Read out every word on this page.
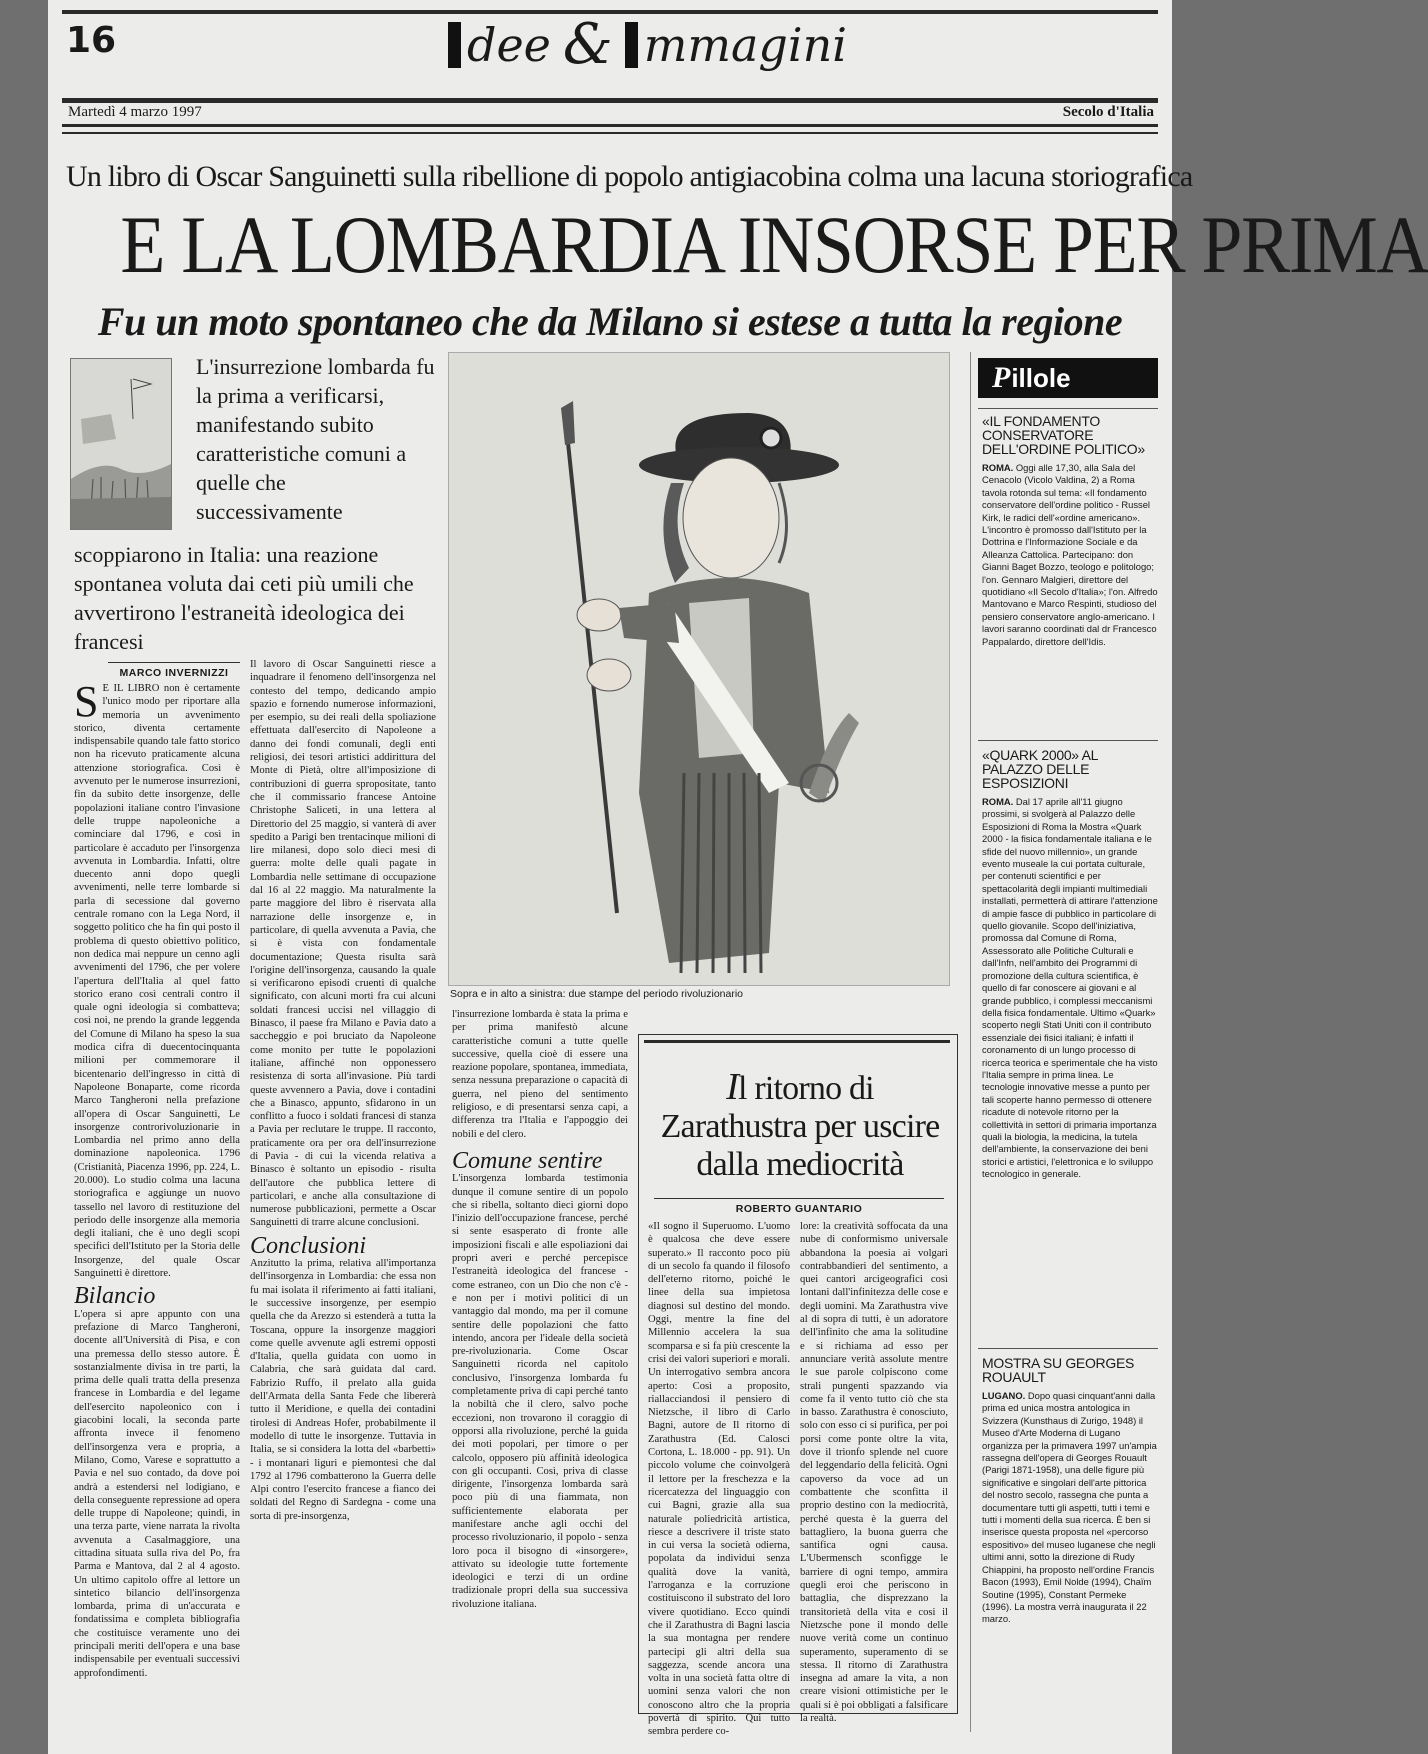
16	dee & mmagini
Martedì 4 marzo 1997	Secolo d'Italia
Un libro di Oscar Sanguinetti sulla ribellione di popolo antigiacobina colma una lacuna storiografica
E LA LOMBARDIA INSORSE PER PRIMA
Fu un moto spontaneo che da Milano si estese a tutta la regione
L'insurrezione lombarda fu la prima a verificarsi, manifestando subito caratteristiche comuni a quelle che successivamente
scoppiarono in Italia: una reazione spontanea voluta dai ceti più umili che avvertirono l'estraneità ideologica dei francesi
MARCO INVERNIZZI
S E IL LIBRO non è certamente l'unico modo per riportare alla memoria un avvenimento storico, diventa certamente indispensabile quando tale fatto storico non ha ricevuto praticamente alcuna attenzione storiografica. Così è avvenuto per le numerose insurrezioni, fin da subito dette insorgenze, delle popolazioni italiane contro l'invasione delle truppe napoleoniche a cominciare dal 1796, e così in particolare è accaduto per l'insorgenza avvenuta in Lombardia. Infatti, oltre duecento anni dopo quegli avvenimenti, nelle terre lombarde si parla di secessione dal governo centrale romano con la Lega Nord, il soggetto politico che ha fin qui posto il problema di questo obiettivo politico, non dedica mai neppure un cenno agli avvenimenti del 1796, che per volere l'apertura dell'Italia al quel fatto storico erano così centrali contro il quale ogni ideologia si combatteva; così noi, ne prendo la grande leggenda del Comune di Milano ha speso la sua modica cifra di duecentocinquanta milioni per commemorare il bicentenario dell'ingresso in città di Napoleone Bonaparte, come ricorda Marco Tangheroni nella prefazione all'opera di Oscar Sanguinetti, Le insorgenze controrivoluzionarie in Lombardia nel primo anno della dominazione napoleonica. 1796 (Cristianità, Piacenza 1996, pp. 224, L. 20.000). Lo studio colma una lacuna storiografica e aggiunge un nuovo tassello nel lavoro di restituzione del periodo delle insorgenze alla memoria degli italiani, che è uno degli scopi specifici dell'Istituto per la Storia delle Insorgenze, del quale Oscar Sanguinetti è direttore.
Bilancio
L'opera si apre appunto con una prefazione di Marco Tangheroni, docente all'Università di Pisa, e con una premessa dello stesso autore. È sostanzialmente divisa in tre parti, la prima delle quali tratta della presenza francese in Lombardia e del legame dell'esercito napoleonico con i giacobini locali, la seconda parte affronta invece il fenomeno dell'insorgenza vera e propria, a Milano, Como, Varese e soprattutto a Pavia e nel suo contado, da dove poi andrà a estendersi nel lodigiano, e della conseguente repressione ad opera delle truppe di Napoleone; quindi, in una terza parte, viene narrata la rivolta avvenuta a Casalmaggiore, una cittadina situata sulla riva del Po, fra Parma e Mantova, dal 2 al 4 agosto. Un ultimo capitolo offre al lettore un sintetico bilancio dell'insorgenza lombarda, prima di un'accurata e fondatissima e completa bibliografia che costituisce veramente uno dei principali meriti dell'opera e una base indispensabile per eventuali successivi approfondimenti.
Il lavoro di Oscar Sanguinetti riesce a inquadrare il fenomeno dell'insorgenza nel contesto del tempo, dedicando ampio spazio e fornendo numerose informazioni, per esempio, su dei reali della spoliazione effettuata dall'esercito di Napoleone a danno dei fondi comunali, degli enti religiosi, dei tesori artistici addirittura del Monte di Pietà, oltre all'imposizione di contribuzioni di guerra spropositate, tanto che il commissario francese Antoine Christophe Saliceti, in una lettera al Direttorio del 25 maggio, si vanterà di aver spedito a Parigi ben trentacinque milioni di lire milanesi, dopo solo dieci mesi di guerra: molte delle quali pagate in Lombardia nelle settimane di occupazione dal 16 al 22 maggio. Ma naturalmente la parte maggiore del libro è riservata alla narrazione delle insorgenze e, in particolare, di quella avvenuta a Pavia, che si è vista con fondamentale documentazione; Questa risulta sarà l'origine dell'insorgenza, causando la quale si verificarono episodi cruenti di qualche significato, con alcuni morti fra cui alcuni soldati francesi uccisi nel villaggio di Binasco, il paese fra Milano e Pavia dato a saccheggio e poi bruciato da Napoleone come monito per tutte le popolazioni italiane, affinché non opponessero resistenza di sorta all'invasione. Più tardi queste avvennero a Pavia, dove i contadini che a Binasco, appunto, sfidarono in un conflitto a fuoco i soldati francesi di stanza a Pavia per reclutare le truppe. Il racconto, praticamente ora per ora dell'insurrezione di Pavia - di cui la vicenda relativa a Binasco è soltanto un episodio - risulta dell'autore che pubblica lettere di particolari, e anche alla consultazione di numerose pubblicazioni, permette a Oscar Sanguinetti di trarre alcune conclusioni.
Conclusioni
Anzitutto la prima, relativa all'importanza dell'insorgenza in Lombardia: che essa non fu mai isolata il riferimento ai fatti italiani, le successive insorgenze, per esempio quella che da Arezzo si estenderà a tutta la Toscana, oppure la insorgenze maggiori come quelle avvenute agli estremi opposti d'Italia, quella guidata con uomo in Calabria, che sarà guidata dal card. Fabrizio Ruffo, il prelato alla guida dell'Armata della Santa Fede che libererà tutto il Meridione, e quella dei contadini tirolesi di Andreas Hofer, probabilmente il modello di tutte le insorgenze. Tuttavia in Italia, se si considera la lotta del «barbetti» - i montanari liguri e piemontesi che dal 1792 al 1796 combatterono la Guerra delle Alpi contro l'esercito francese a fianco dei soldati del Regno di Sardegna - come una sorta di pre-insorgenza,
Sopra e in alto a sinistra: due stampe del periodo rivoluzionario
l'insurrezione lombarda è stata la prima e per prima manifestò alcune caratteristiche comuni a tutte quelle successive, quella cioè di essere una reazione popolare, spontanea, immediata, senza nessuna preparazione o capacità di guerra, nel pieno del sentimento religioso, e di presentarsi senza capi, a differenza tra l'Italia e l'appoggio dei nobili e del clero.
Comune sentire
L'insorgenza lombarda testimonia dunque il comune sentire di un popolo che si ribella, soltanto dieci giorni dopo l'inizio dell'occupazione francese, perché si sente esasperato di fronte alle imposizioni fiscali e alle espoliazioni dai propri averi e perché percepisce l'estraneità ideologica del francese - come estraneo, con un Dio che non c'è - e non per i motivi politici di un vantaggio dal mondo, ma per il comune sentire delle popolazioni che fatto intendo, ancora per l'ideale della società pre-rivoluzionaria. Come Oscar Sanguinetti ricorda nel capitolo conclusivo, l'insorgenza lombarda fu completamente priva di capi perché tanto la nobiltà che il clero, salvo poche eccezioni, non trovarono il coraggio di opporsi alla rivoluzione, perché la guida dei moti popolari, per timore o per calcolo, opposero più affinità ideologica con gli occupanti. Così, priva di classe dirigente, l'insorgenza lombarda sarà poco più di una fiammata, non sufficientemente elaborata per manifestare anche agli occhi del processo rivoluzionario, il popolo - senza loro poca il bisogno di «insorgere», attivato su ideologie tutte fortemente ideologici e terzi di un ordine tradizionale propri della sua successiva rivoluzione italiana.
Il ritorno di Zarathustra per uscire dalla mediocrità
ROBERTO GUANTARIO
«Il sogno il Superuomo. L'uomo è qualcosa che deve essere superato.» Il racconto poco più di un secolo fa quando il filosofo dell'eterno ritorno, poiché le linee della sua impietosa diagnosi sul destino del mondo. Oggi, mentre la fine del Millennio accelera la sua scomparsa e si fa più crescente la crisi dei valori superiori e morali. Un interrogativo sembra ancora aperto: Così a proposito, riallacciandosi il pensiero di Nietzsche, il libro di Carlo Bagni, autore de Il ritorno di Zarathustra (Ed. Calosci Cortona, L. 18.000 - pp. 91). Un piccolo volume che coinvolgerà il lettore per la freschezza e la ricercatezza del linguaggio con cui Bagni, grazie alla sua naturale poliedricità artistica, riesce a descrivere il triste stato in cui versa la società odierna, popolata da individui senza qualità dove la vanità, l'arroganza e la corruzione costituiscono il substrato del loro vivere quotidiano. Ecco quindi che il Zarathustra di Bagni lascia la sua montagna per rendere partecipi gli altri della sua saggezza, scende ancora una volta in una società fatta oltre di uomini senza valori che non conoscono altro che la propria povertà di spirito. Qui tutto sembra perdere co-
lore: la creatività soffocata da una nube di conformismo universale abbandona la poesia ai volgari contrabbandieri del sentimento, a quei cantori arcigeografici così lontani dall'infinitezza delle cose e degli uomini. Ma Zarathustra vive al di sopra di tutti, è un adoratore dell'infinito che ama la solitudine e si richiama ad esso per annunciare verità assolute mentre le sue parole colpiscono come strali pungenti spazzando via come fa il vento tutto ciò che sta in basso. Zarathustra è conosciuto, solo con esso ci si purifica, per poi porsi come ponte oltre la vita, dove il trionfo splende nel cuore del leggendario della felicità. Ogni capoverso da voce ad un combattente che sconfitta il proprio destino con la mediocrità, perché questa è la guerra del battagliero, la buona guerra che santifica ogni causa. L'Ubermensch sconfigge le barriere di ogni tempo, ammira quegli eroi che periscono in battaglia, che disprezzano la transitorietà della vita e cosi il Nietzsche pone il mondo delle nuove verità come un continuo superamento, superamento di se stessa. Il ritorno di Zarathustra insegna ad amare la vita, a non creare visioni ottimistiche per le quali si è poi obbligati a falsificare la realtà.
Pillole
«IL FONDAMENTO CONSERVATORE DELL'ORDINE POLITICO»
ROMA. Oggi alle 17,30, alla Sala del Cenacolo (Vicolo Valdina, 2) a Roma tavola rotonda sul tema: «Il fondamento conservatore dell'ordine politico - Russel Kirk, le radici dell'«ordine americano». L'incontro è promosso dall'Istituto per la Dottrina e l'Informazione Sociale e da Alleanza Cattolica. Partecipano: don Gianni Baget Bozzo, teologo e politologo; l'on. Gennaro Malgieri, direttore del quotidiano «Il Secolo d'Italia»; l'on. Alfredo Mantovano e Marco Respinti, studioso del pensiero conservatore anglo-americano. I lavori saranno coordinati dal dr Francesco Pappalardo, direttore dell'Idis.
«QUARK 2000» AL PALAZZO DELLE ESPOSIZIONI
ROMA. Dal 17 aprile all'11 giugno prossimi, si svolgerà al Palazzo delle Esposizioni di Roma la Mostra «Quark 2000 - la fisica fondamentale italiana e le sfide del nuovo millennio», un grande evento museale la cui portata culturale, per contenuti scientifici e per spettacolarità degli impianti multimediali installati, permetterà di attirare l'attenzione di ampie fasce di pubblico in particolare di quello giovanile. Scopo dell'iniziativa, promossa dal Comune di Roma, Assessorato alle Politiche Culturali e dall'Infn, nell'ambito dei Programmi di promozione della cultura scientifica, è quello di far conoscere ai giovani e al grande pubblico, i complessi meccanismi della fisica fondamentale. Ultimo «Quark» scoperto negli Stati Uniti con il contributo essenziale dei fisici italiani; è infatti il coronamento di un lungo processo di ricerca teorica e sperimentale che ha visto l'Italia sempre in prima linea. Le tecnologie innovative messe a punto per tali scoperte hanno permesso di ottenere ricadute di notevole ritorno per la collettività in settori di primaria importanza quali la biologia, la medicina, la tutela dell'ambiente, la conservazione dei beni storici e artistici, l'elettronica e lo sviluppo tecnologico in generale.
MOSTRA SU GEORGES ROUAULT
LUGANO. Dopo quasi cinquant'anni dalla prima ed unica mostra antologica in Svizzera (Kunsthaus di Zurigo, 1948) il Museo d'Arte Moderna di Lugano organizza per la primavera 1997 un'ampia rassegna dell'opera di Georges Rouault (Parigi 1871-1958), una delle figure più significative e singolari dell'arte pittorica del nostro secolo, rassegna che punta a documentare tutti gli aspetti, tutti i temi e tutti i momenti della sua ricerca. È ben si inserisce questa proposta nel «percorso espositivo» del museo luganese che negli ultimi anni, sotto la direzione di Rudy Chiappini, ha proposto nell'ordine Francis Bacon (1993), Emil Nolde (1994), Chaïm Soutine (1995), Constant Permeke (1996). La mostra verrà inaugurata il 22 marzo.
